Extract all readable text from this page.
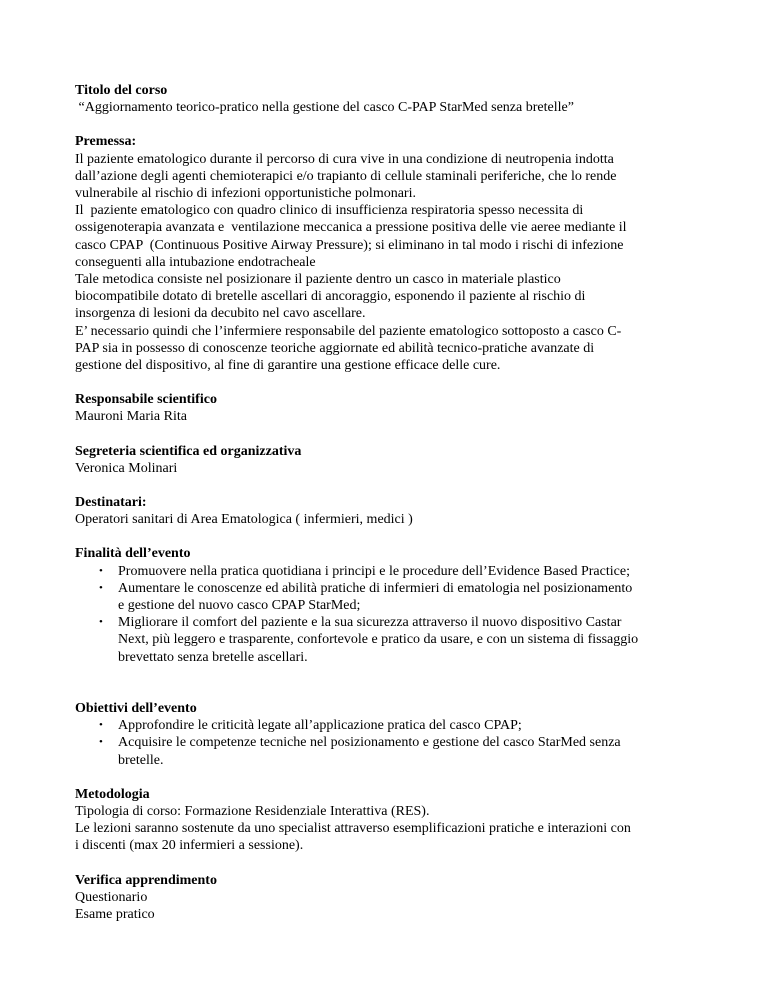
Titolo del corso
“Aggiornamento teorico-pratico nella gestione del casco C-PAP StarMed senza bretelle”
Premessa:
Il paziente ematologico durante il percorso di cura vive in una condizione di neutropenia indotta
dall’azione degli agenti chemioterapici e/o trapianto di cellule staminali periferiche, che lo rende
vulnerabile al rischio di infezioni opportunistiche polmonari.
Il  paziente ematologico con quadro clinico di insufficienza respiratoria spesso necessita di
ossigenoterapia avanzata e  ventilazione meccanica a pressione positiva delle vie aeree mediante il
casco CPAP  (Continuous Positive Airway Pressure); si eliminano in tal modo i rischi di infezione
conseguenti alla intubazione endotracheale
Tale metodica consiste nel posizionare il paziente dentro un casco in materiale plastico
biocompatibile dotato di bretelle ascellari di ancoraggio, esponendo il paziente al rischio di
insorgenza di lesioni da decubito nel cavo ascellare.
E’ necessario quindi che l’infermiere responsabile del paziente ematologico sottoposto a casco C-
PAP sia in possesso di conoscenze teoriche aggiornate ed abilità tecnico-pratiche avanzate di
gestione del dispositivo, al fine di garantire una gestione efficace delle cure.
Responsabile scientifico
Mauroni Maria Rita
Segreteria scientifica ed organizzativa
Veronica Molinari
Destinatari:
Operatori sanitari di Area Ematologica ( infermieri, medici )
Finalità dell’evento
• Promuovere nella pratica quotidiana i principi e le procedure dell’Evidence Based Practice;
• Aumentare le conoscenze ed abilità pratiche di infermieri di ematologia nel posizionamento
e gestione del nuovo casco CPAP StarMed;
• Migliorare il comfort del paziente e la sua sicurezza attraverso il nuovo dispositivo Castar
Next, più leggero e trasparente, confortevole e pratico da usare, e con un sistema di fissaggio
brevettato senza bretelle ascellari.
Obiettivi dell’evento
• Approfondire le criticità legate all’applicazione pratica del casco CPAP;
• Acquisire le competenze tecniche nel posizionamento e gestione del casco StarMed senza
bretelle.
Metodologia
Tipologia di corso: Formazione Residenziale Interattiva (RES).
Le lezioni saranno sostenute da uno specialist attraverso esemplificazioni pratiche e interazioni con
i discenti (max 20 infermieri a sessione).
Verifica apprendimento
Questionario
Esame pratico
